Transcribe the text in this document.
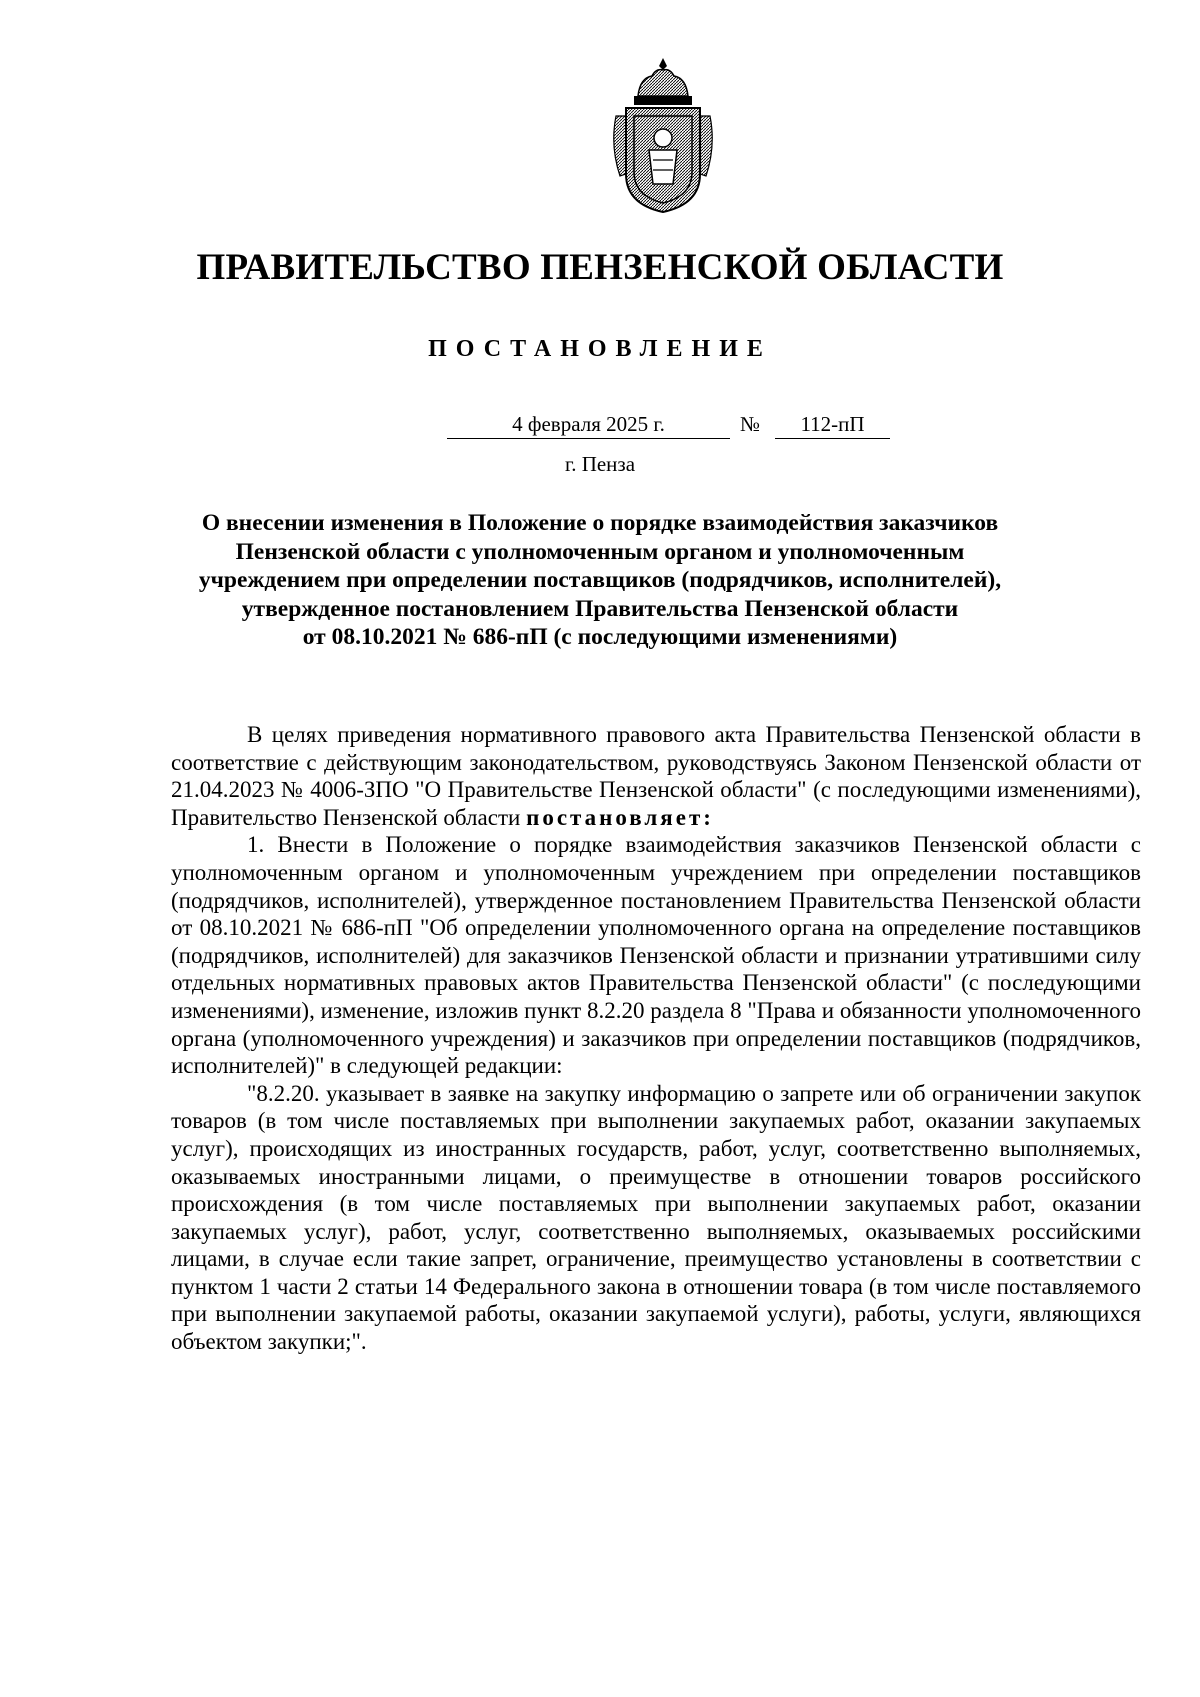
ПРАВИТЕЛЬСТВО ПЕНЗЕНСКОЙ ОБЛАСТИ
ПОСТАНОВЛЕНИЕ
4 февраля 2025 г.	№	112-пП
г. Пенза
О внесении изменения в Положение о порядке взаимодействия заказчиков
Пензенской области с уполномоченным органом и уполномоченным
учреждением при определении поставщиков (подрядчиков, исполнителей),
утвержденное постановлением Правительства Пензенской области
от 08.10.2021 № 686-пП (с последующими изменениями)

В целях приведения нормативного правового акта Правительства Пензенской области в соответствие с действующим законодательством, руководствуясь Законом Пензенской области от 21.04.2023 № 4006-ЗПО "О Правительстве Пензенской области" (с последующими изменениями), Правительство Пензенской области постановляет:

1. Внести в Положение о порядке взаимодействия заказчиков Пензенской области с уполномоченным органом и уполномоченным учреждением при определении поставщиков (подрядчиков, исполнителей), утвержденное постановлением Правительства Пензенской области от 08.10.2021 № 686-пП "Об определении уполномоченного органа на определение поставщиков (подрядчиков, исполнителей) для заказчиков Пензенской области и признании утратившими силу отдельных нормативных правовых актов Правительства Пензенской области" (с последующими изменениями), изменение, изложив пункт 8.2.20 раздела 8 "Права и обязанности уполномоченного органа (уполномоченного учреждения) и заказчиков при определении поставщиков (подрядчиков, исполнителей)" в следующей редакции:

"8.2.20. указывает в заявке на закупку информацию о запрете или об ограничении закупок товаров (в том числе поставляемых при выполнении закупаемых работ, оказании закупаемых услуг), происходящих из иностранных государств, работ, услуг, соответственно выполняемых, оказываемых иностранными лицами, о преимуществе в отношении товаров российского происхождения (в том числе поставляемых при выполнении закупаемых работ, оказании закупаемых услуг), работ, услуг, соответственно выполняемых, оказываемых российскими лицами, в случае если такие запрет, ограничение, преимущество установлены в соответствии с пунктом 1 части 2 статьи 14 Федерального закона в отношении товара (в том числе поставляемого при выполнении закупаемой работы, оказании закупаемой услуги), работы, услуги, являющихся объектом закупки;".
